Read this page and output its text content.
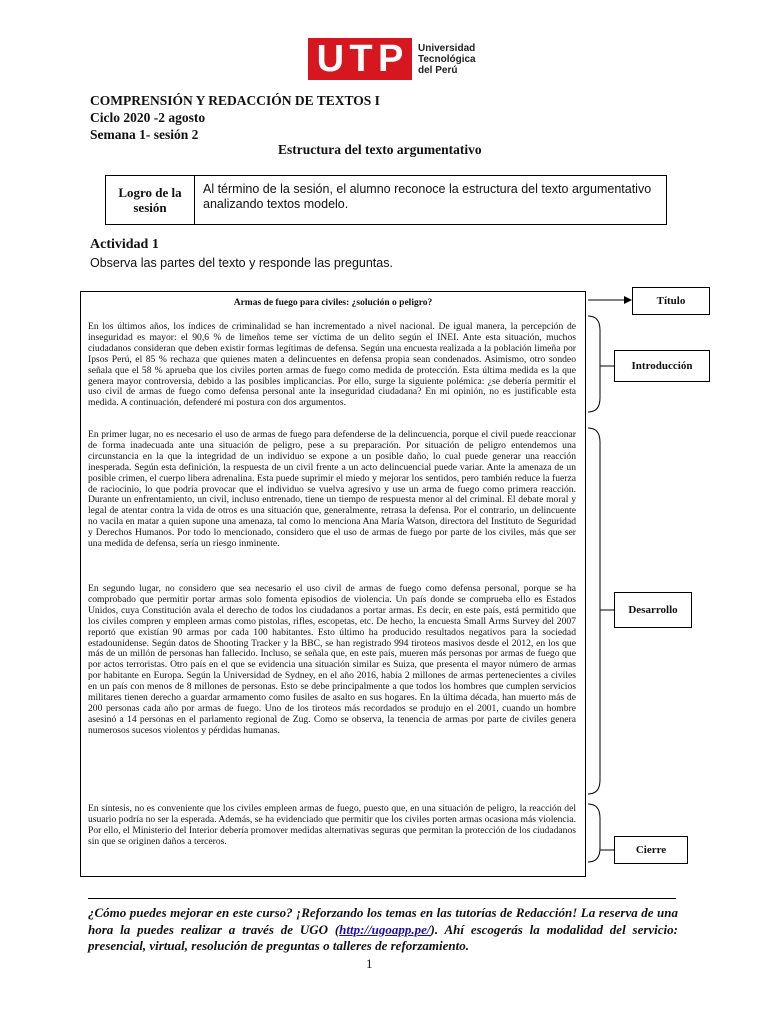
U T P Universidad
Tecnológica
del Perú
COMPRENSIÓN Y REDACCIÓN DE TEXTOS I
Ciclo 2020 -2 agosto
Semana 1- sesión 2
Estructura del texto argumentativo
Logro de la sesión
Al término de la sesión, el alumno reconoce la estructura del texto argumentativo analizando textos modelo.
Actividad 1
Observa las partes del texto y responde las preguntas.
Armas de fuego para civiles: ¿solución o peligro?

En los últimos años, los índices de criminalidad se han incrementado a nivel nacional. De igual manera, la percepción de inseguridad es mayor: el 90,6 % de limeños teme ser víctima de un delito según el INEI. Ante esta situación, muchos ciudadanos consideran que deben existir formas legítimas de defensa. Según una encuesta realizada a la población limeña por Ipsos Perú, el 85 % rechaza que quienes maten a delincuentes en defensa propia sean condenados. Asimismo, otro sondeo señala que el 58 % aprueba que los civiles porten armas de fuego como medida de protección. Esta última medida es la que genera mayor controversia, debido a las posibles implicancias. Por ello, surge la siguiente polémica: ¿se debería permitir el uso civil de armas de fuego como defensa personal ante la inseguridad ciudadana? En mi opinión, no es justificable esta medida. A continuación, defenderé mi postura con dos argumentos.

En primer lugar, no es necesario el uso de armas de fuego para defenderse de la delincuencia, porque el civil puede reaccionar de forma inadecuada ante una situación de peligro, pese a su preparación. Por situación de peligro entendemos una circunstancia en la que la integridad de un individuo se expone a un posible daño, lo cual puede generar una reacción inesperada. Según esta definición, la respuesta de un civil frente a un acto delincuencial puede variar. Ante la amenaza de un posible crimen, el cuerpo libera adrenalina. Esta puede suprimir el miedo y mejorar los sentidos, pero también reduce la fuerza de raciocinio, lo que podría provocar que el individuo se vuelva agresivo y use un arma de fuego como primera reacción. Durante un enfrentamiento, un civil, incluso entrenado, tiene un tiempo de respuesta menor al del criminal. El debate moral y legal de atentar contra la vida de otros es una situación que, generalmente, retrasa la defensa. Por el contrario, un delincuente no vacila en matar a quien supone una amenaza, tal como lo menciona Ana María Watson, directora del Instituto de Seguridad y Derechos Humanos. Por todo lo mencionado, considero que el uso de armas de fuego por parte de los civiles, más que ser una medida de defensa, sería un riesgo inminente.

En segundo lugar, no considero que sea necesario el uso civil de armas de fuego como defensa personal, porque se ha comprobado que permitir portar armas solo fomenta episodios de violencia. Un país donde se comprueba ello es Estados Unidos, cuya Constitución avala el derecho de todos los ciudadanos a portar armas. Es decir, en este país, está permitido que los civiles compren y empleen armas como pistolas, rifles, escopetas, etc. De hecho, la encuesta Small Arms Survey del 2007 reportó que existían 90 armas por cada 100 habitantes. Esto último ha producido resultados negativos para la sociedad estadounidense. Según datos de Shooting Tracker y la BBC, se han registrado 994 tiroteos masivos desde el 2012, en los que más de un millón de personas han fallecido. Incluso, se señala que, en este país, mueren más personas por armas de fuego que por actos terroristas. Otro país en el que se evidencia una situación similar es Suiza, que presenta el mayor número de armas por habitante en Europa. Según la Universidad de Sydney, en el año 2016, había 2 millones de armas pertenecientes a civiles en un país con menos de 8 millones de personas. Esto se debe principalmente a que todos los hombres que cumplen servicios militares tienen derecho a guardar armamento como fusiles de asalto en sus hogares. En la última década, han muerto más de 200 personas cada año por armas de fuego. Uno de los tiroteos más recordados se produjo en el 2001, cuando un hombre asesinó a 14 personas en el parlamento regional de Zug. Como se observa, la tenencia de armas por parte de civiles genera numerosos sucesos violentos y pérdidas humanas.

En síntesis, no es conveniente que los civiles empleen armas de fuego, puesto que, en una situación de peligro, la reacción del usuario podría no ser la esperada. Además, se ha evidenciado que permitir que los civiles porten armas ocasiona más violencia. Por ello, el Ministerio del Interior debería promover medidas alternativas seguras que permitan la protección de los ciudadanos sin que se originen daños a terceros.

Título
Introducción
Desarrollo
Cierre
¿Cómo puedes mejorar en este curso? ¡Reforzando los temas en las tutorías de Redacción! La reserva de una hora la puedes realizar a través de UGO (http://ugoapp.pe/). Ahí escogerás la modalidad del servicio: presencial, virtual, resolución de preguntas o talleres de reforzamiento.
1
